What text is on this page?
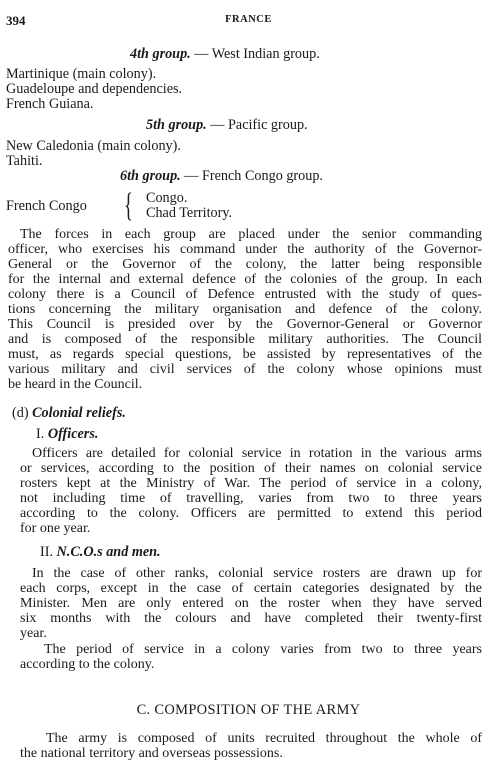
394	FRANCE
4th group. — West Indian group.
Martinique (main colony).
Guadeloupe and dependencies.
French Guiana.
5th group. — Pacific group.
New Caledonia (main colony).
Tahiti.
6th group. — French Congo group.
French Congo { Congo.
Chad Territory.
The forces in each group are placed under the senior commanding
officer, who exercises his command under the authority of the Governor-
General or the Governor of the colony, the latter being responsible
for the internal and external defence of the colonies of the group. In each
colony there is a Council of Defence entrusted with the study of ques-
tions concerning the military organisation and defence of the colony.
This Council is presided over by the Governor-General or Governor
and is composed of the responsible military authorities. The Council
must, as regards special questions, be assisted by representatives of the
various military and civil services of the colony whose opinions must
be heard in the Council.
(d) Colonial reliefs.
I. Officers.
Officers are detailed for colonial service in rotation in the various arms
or services, according to the position of their names on colonial service
rosters kept at the Ministry of War. The period of service in a colony,
not including time of travelling, varies from two to three years
according to the colony. Officers are permitted to extend this period
for one year.
II. N.C.O.s and men.
In the case of other ranks, colonial service rosters are drawn up for
each corps, except in the case of certain categories designated by the
Minister. Men are only entered on the roster when they have served
six months with the colours and have completed their twenty-first
year.
The period of service in a colony varies from two to three years
according to the colony.
C. COMPOSITION OF THE ARMY
The army is composed of units recruited throughout the whole of
the national territory and overseas possessions.
